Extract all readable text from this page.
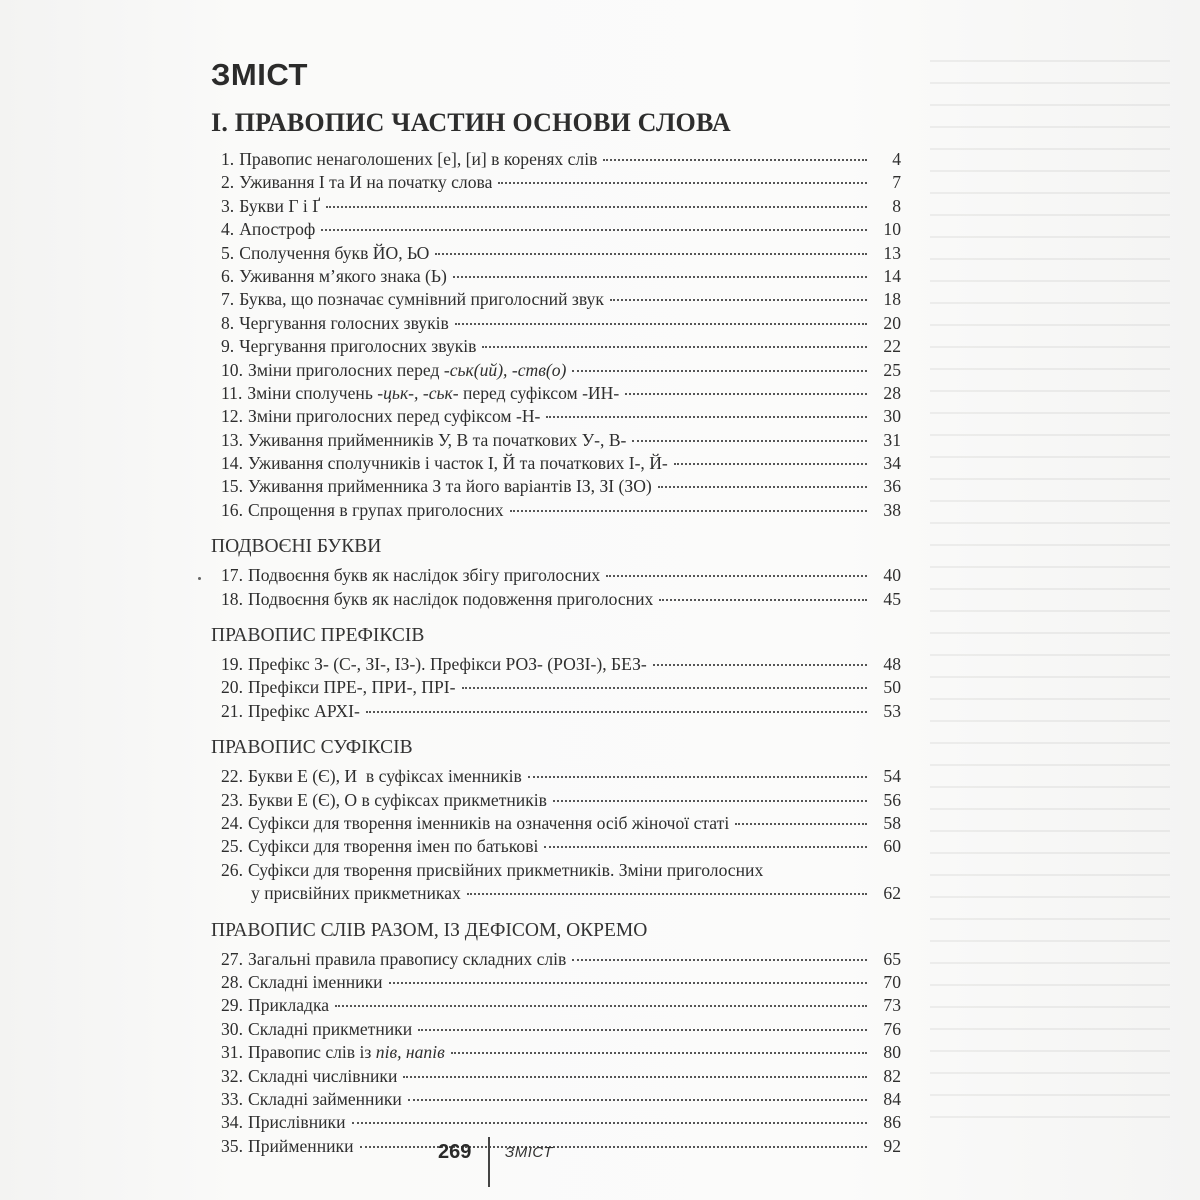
ЗМІСТ
І. ПРАВОПИС ЧАСТИН ОСНОВИ СЛОВА
1. Правопис ненаголошених [е], [и] в коренях слів	4
2. Уживання І та И на початку слова	7
3. Букви Г і Ґ	8
4. Апостроф	10
5. Сполучення букв ЙО, ЬО	13
6. Уживання м’якого знака (Ь)	14
7. Буква, що позначає сумнівний приголосний звук	18
8. Чергування голосних звуків	20
9. Чергування приголосних звуків	22
10. Зміни приголосних перед -ськ(ий), -ств(о)	25
11. Зміни сполучень -цьк-, -ськ- перед суфіксом -ИН-	28
12. Зміни приголосних перед суфіксом -Н-	30
13. Уживання прийменників У, В та початкових У-, В-	31
14. Уживання сполучників і часток І, Й та початкових І-, Й-	34
15. Уживання прийменника З та його варіантів ІЗ, ЗІ (ЗО)	36
16. Спрощення в групах приголосних	38
ПОДВОЄНІ БУКВИ
17. Подвоєння букв як наслідок збігу приголосних	40
18. Подвоєння букв як наслідок подовження приголосних	45
ПРАВОПИС ПРЕФІКСІВ
19. Префікс З- (С-, ЗІ-, ІЗ-). Префікси РОЗ- (РОЗІ-), БЕЗ-	48
20. Префікси ПРЕ-, ПРИ-, ПРІ-	50
21. Префікс АРХІ-	53
ПРАВОПИС СУФІКСІВ
22. Букви Е (Є), И  в суфіксах іменників	54
23. Букви Е (Є), О в суфіксах прикметників	56
24. Суфікси для творення іменників на означення осіб жіночої статі	58
25. Суфікси для творення імен по батькові	60
26. Суфікси для творення присвійних прикметників. Зміни приголосних
у присвійних прикметниках	62
ПРАВОПИС СЛІВ РАЗОМ, ІЗ ДЕФІСОМ, ОКРЕМО
27. Загальні правила правопису складних слів	65
28. Складні іменники	70
29. Прикладка	73
30. Складні прикметники	76
31. Правопис слів із пів, напів	80
32. Складні числівники	82
33. Складні займенники	84
34. Прислівники	86
35. Прийменники	92
269 ЗМІСТ
